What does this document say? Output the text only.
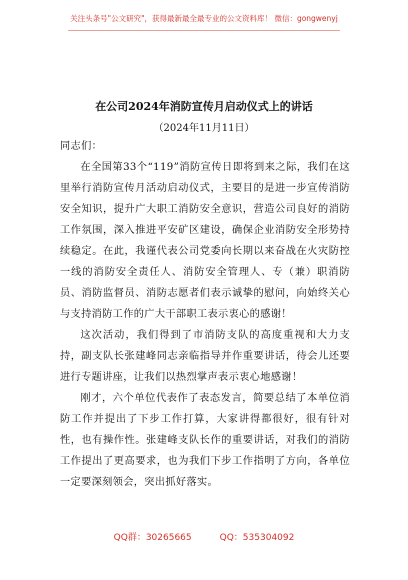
关注头条号"公文研究"，获得最新最全最专业的公文资料库！ 微信：gongwenyj
在公司2024年消防宣传月启动仪式上的讲话
（2024年11月11日）

同志们：

在全国第33个“119”消防宣传日即将到来之际，我们在这里举行消防宣传月活动启动仪式，主要目的是进一步宣传消防安全知识，提升广大职工消防安全意识，营造公司良好的消防工作氛围，深入推进平安矿区建设，确保企业消防安全形势持续稳定。在此，我谨代表公司党委向长期以来奋战在火灾防控一线的消防安全责任人、消防安全管理人、专（兼）职消防员、消防监督员、消防志愿者们表示诚挚的慰问，向始终关心与支持消防工作的广大干部职工表示衷心的感谢！

这次活动，我们得到了市消防支队的高度重视和大力支持，副支队长张建峰同志亲临指导并作重要讲话，待会儿还要进行专题讲座，让我们以热烈掌声表示衷心地感谢！

刚才，六个单位代表作了表态发言，简要总结了本单位消防工作并提出了下步工作打算，大家讲得都很好，很有针对性，也有操作性。张建峰支队长作的重要讲话，对我们的消防工作提出了更高要求，也为我们下步工作指明了方向，各单位一定要深刻领会，突出抓好落实。

QQ群：30265665	QQ：535304092
